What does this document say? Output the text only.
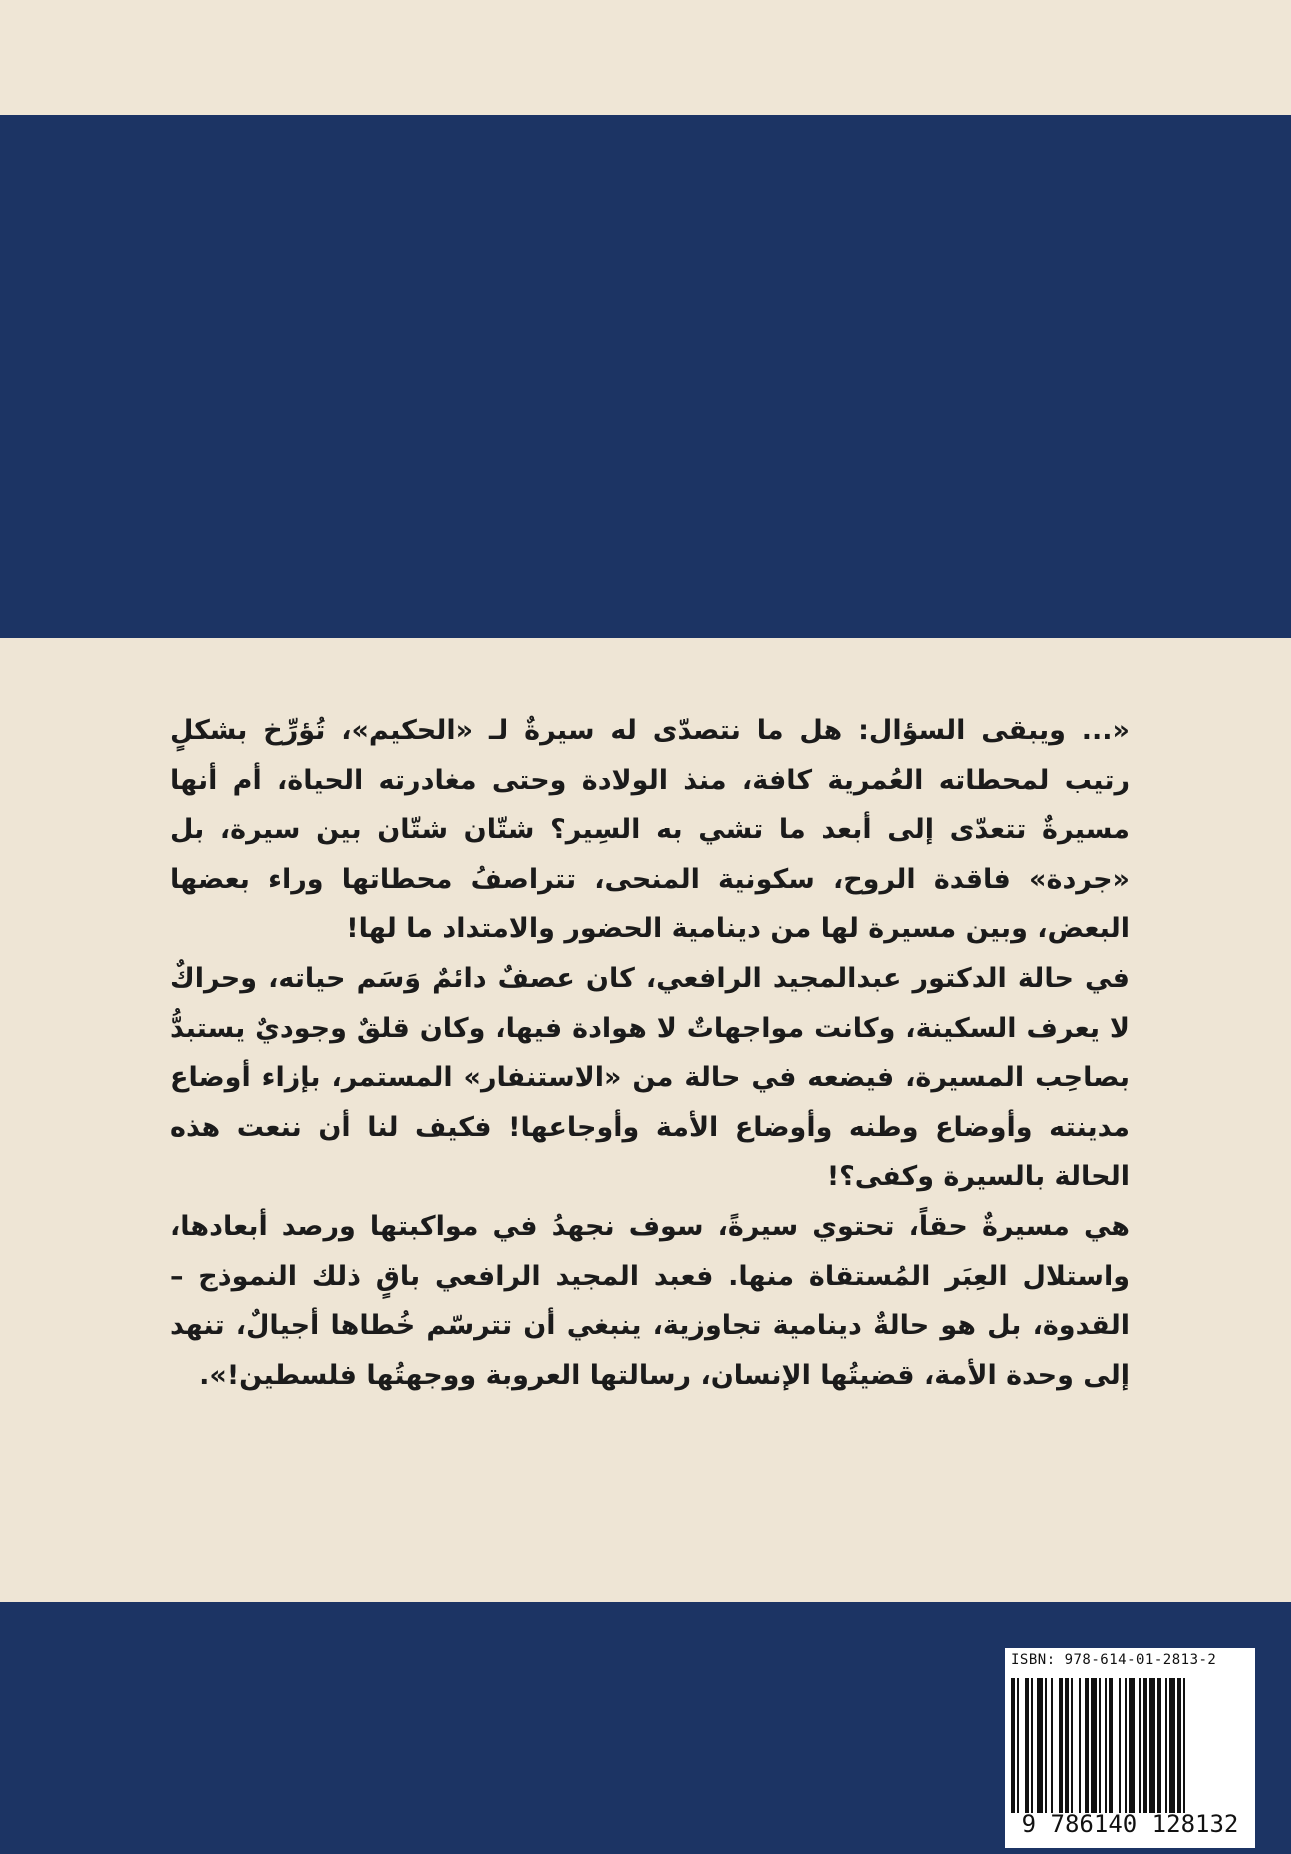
«... ويبقى السؤال: هل ما نتصدّى له سيرةٌ لـ «الحكيم»، تُؤرِّخ بشكلٍ رتيب لمحطاته العُمرية كافة، منذ الولادة وحتى مغادرته الحياة، أم أنها مسيرةٌ تتعدّى إلى أبعد ما تشي به السِير؟ شتّان شتّان بين سيرة، بل «جردة» فاقدة الروح، سكونية المنحى، تتراصفُ محطاتها وراء بعضها البعض، وبين مسيرة لها من دينامية الحضور والامتداد ما لها!

في حالة الدكتور عبدالمجيد الرافعي، كان عصفٌ دائمٌ وَسَم حياته، وحراكٌ لا يعرف السكينة، وكانت مواجهاتٌ لا هوادة فيها، وكان قلقٌ وجوديٌ يستبدُّ بصاحِب المسيرة، فيضعه في حالة من «الاستنفار» المستمر، بإزاء أوضاع مدينته وأوضاع وطنه وأوضاع الأمة وأوجاعها! فكيف لنا أن ننعت هذه الحالة بالسيرة وكفى؟!

هي مسيرةٌ حقاً، تحتوي سيرةً، سوف نجهدُ في مواكبتها ورصد أبعادها، واستلال العِبَر المُستقاة منها. فعبد المجيد الرافعي باقٍ ذلك النموذج – القدوة، بل هو حالةٌ دينامية تجاوزية، ينبغي أن تترسّم خُطاها أجيالٌ، تنهد إلى وحدة الأمة، قضيتُها الإنسان، رسالتها العروبة ووجهتُها فلسطين!».

ISBN: 978-614-01-2813-2
9 786140 128132
